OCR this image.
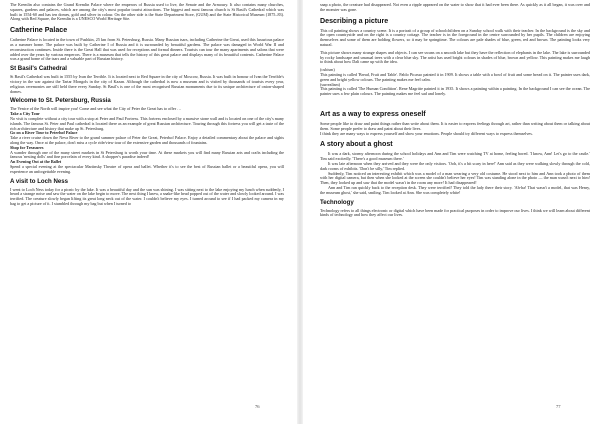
The Kremlin also contains the Grand Kremlin Palace where the emperors of Russia used to live, the Senate and the Armoury. It also contains many churches, squares, gardens and palaces, which are among the city's most popular tourist attractions. The biggest and most famous church is St Basil's Cathedral which was built in 1554-60 and has ten domes, gold and silver in colour. On the other side is the State Department Store, (GUM) and the State Historical Museum (1875–83). Along with Red Square, the Kremlin is a UNESCO World Heritage Site.

Catherine Palace

Catherine Palace is located in the town of Pushkin, 25 km from St. Petersburg, Russia. Many Russian tsars, including Catherine the Great, used this luxurious palace as a summer home. The palace was built by Catherine I of Russia and it is surrounded by beautiful gardens. The palace was damaged in World War II and reconstruction continues. Inside there is the Great Hall that was used for receptions and formal dinners. Tourists can tour the many apartments and salons that were added over the years by various emperors. There is a museum that tells the history of this great palace and displays many of its beautiful contents. Catherine Palace was a grand home of the tsars and a valuable part of Russian history.

St Basil's Cathedral

St Basil's Cathedral was built in 1555 by Ivan the Terrible. It is located next to Red Square in the city of Moscow, Russia. It was built in honour of Ivan the Terrible's victory in the war against the Tartar Mongols in the city of Kazan. Although the cathedral is now a museum and is visited by thousands of tourists every year, religious ceremonies are still held there every Sunday. St Basil's is one of the most recognised Russian monuments due to its unique architecture of onion-shaped domes.

Welcome to St. Petersburg, Russia

The Venice of the North will inspire you! Come and see what the City of Peter the Great has to offer …

Take a City Tour

No visit is complete without a city tour with a stop at Peter and Paul Fortress. This fortress enclosed by a massive stone wall and is located on one of the city's many islands. The famous St. Peter and Paul cathedral is located there as an example of great Russian architecture. Touring through this fortress you will get a taste of the rich architecture and history that make up St. Petersburg.

Go on a River Tour to Peterhof Palace

Take a river cruise down the Neva River to the grand summer palace of Peter the Great, Peterhof Palace. Enjoy a detailed commentary about the palace and sights along the way. Once at the palace, don't miss a cycle ride/view tour of the extensive garden and thousands of fountains.

Shop for Treasures

A wander through one of the many street markets in St Petersburg is worth your time. At these markets you will find many Russian arts and crafts including the famous 'nesting dolls' and fine porcelain of every kind. A shopper's paradise indeed!

An Evening Out at the Ballet

Spend a special evening at the spectacular Mariinsky Theatre of opera and ballet. Whether it's to see the best of Russian ballet or a beautiful opera, you will experience an unforgettable evening.

A visit to Loch Ness

I went to Loch Ness today for a picnic by the lake. It was a beautiful day and the sun was shining. I was sitting next to the lake enjoying my lunch when suddenly, I heard a strange noise and saw the water on the lake begin to move. The next thing I knew, a snake-like head popped out of the water and slowly looked around. I was terrified. The creature slowly began lifting its great long neck out of the water. I couldn't believe my eyes. I turned around to see if I had packed my camera in my bag to get a picture of it. I stumbled through my bag but when I turned to

76

snap a photo, the creature had disappeared. Not even a ripple appeared on the water to show that it had ever been there. As quickly as it all began, it was over and the monster was gone.

Describing a picture

This oil painting shows a country scene. It is a portrait of a group of schoolchildren on a Sunday school walk with their teacher. In the background is the sky and the open countryside and on the right is a country cottage. The teacher is in the foreground in the centre surrounded by her pupils. The children are enjoying themselves and some of them are holding flowers, so it may be springtime. The colours are pale shades of blue, green, red and brown. The painting looks very natural.

This picture shows many strange shapes and objects. I can see swans on a smooth lake but they have the reflection of elephants in the lake. The lake is surrounded by rocky landscape and unusual trees with a clear blue sky. The artist has used bright colours in shades of blue, brown and yellow. This painting makes me laugh to think about how Dali came up with the idea.

(cubism)

This painting is called 'Bread, Fruit and Table'. Pablo Picasso painted it in 1909. It shows a table with a bowl of fruit and some bread on it. The painter uses dark, green and bright yellow colours. The painting makes me feel calm.

(surrealism)

This painting is called 'The Human Condition'. Rene Magritte painted it in 1935. It shows a painting within a painting. In the background I can see the ocean. The painter uses a few plain colours. The painting makes me feel sad and lonely.

Art as a way to express oneself

Some people like to draw and paint things rather than write about them. It is easier to express feelings through art, rather than writing about them or talking about them. Some people prefer to draw and paint about their lives.

I think they are many ways to express yourself and show your emotions. People should try different ways to express themselves.

A story about a ghost

It was a dark, stormy afternoon during the school holidays and Ann and Tim were watching TV at home, feeling bored. 'I know, Ann! Let's go to the castle.' Tim said excitedly. 'There's a good museum there.'

It was late afternoon when they arrived and they were the only visitors. 'Ooh, it's a bit scary in here!' Ann said as they were walking slowly through the cold, dark rooms of exhibits. 'Don't be silly,' Tim replied.

Suddenly, Tim noticed an interesting exhibit which was a model of a man wearing a very old costume. He stood next to him and Ann took a photo of them with her digital camera, but then when she looked at the screen she couldn't believe her eyes! Tim was standing alone in the photo — the man wasn't next to him! Then, they looked up and saw that the model wasn't in the room any more! It had disappeared!

Ann and Tim ran quickly back to the reception desk. They were terrified! They told the lady there their story. 'Ah-ha! That wasn't a model, that was Henry, the museum ghost,' she said, smiling. Tim looked at Ann. She was completely white!

Technology

Technology refers to all things electronic or digital which have been made for practical purposes in order to improve our lives. I think we will learn about different kinds of technology and how they affect our lives.

77
